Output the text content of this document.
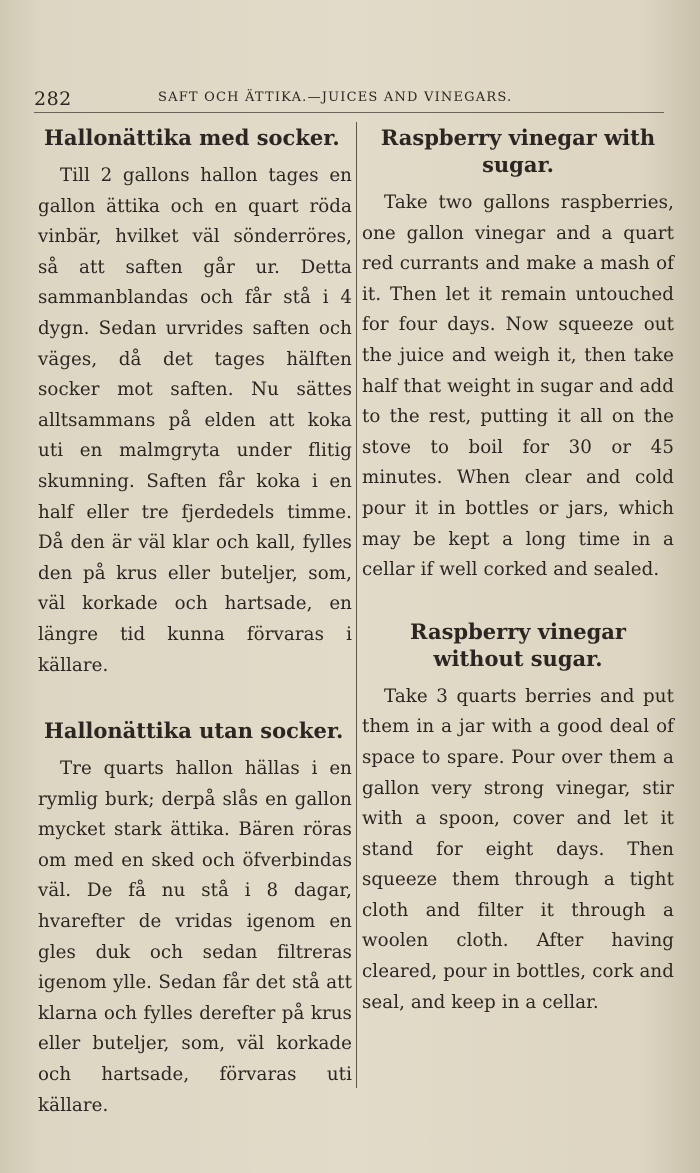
282	SAFT OCH ÄTTIKA.—JUICES AND VINEGARS.
Hallonättika med socker.

Till 2 gallons hallon tages en gallon ättika och en quart röda vinbär, hvilket väl sönderröres, så att saften går ur. Detta sammanblandas och får stå i 4 dygn. Sedan urvrides saften och väges, då det tages hälften socker mot saften. Nu sättes alltsammans på elden att koka uti en malmgryta under flitig skumning. Saften får koka i en half eller tre fjerdedels timme. Då den är väl klar och kall, fylles den på krus eller buteljer, som, väl korkade och hartsade, en längre tid kunna förvaras i källare.

Hallonättika utan socker.

Tre quarts hallon hällas i en rymlig burk; derpå slås en gallon mycket stark ättika. Bären röras om med en sked och öfverbindas väl. De få nu stå i 8 dagar, hvarefter de vridas igenom en gles duk och sedan filtreras igenom ylle. Sedan får det stå att klarna och fylles derefter på krus eller buteljer, som, väl korkade och hartsade, förvaras uti källare.

Raspberry vinegar with sugar.

Take two gallons raspberries, one gallon vinegar and a quart red currants and make a mash of it. Then let it remain untouched for four days. Now squeeze out the juice and weigh it, then take half that weight in sugar and add to the rest, putting it all on the stove to boil for 30 or 45 minutes. When clear and cold pour it in bottles or jars, which may be kept a long time in a cellar if well corked and sealed.

Raspberry vinegar without sugar.

Take 3 quarts berries and put them in a jar with a good deal of space to spare. Pour over them a gallon very strong vinegar, stir with a spoon, cover and let it stand for eight days. Then squeeze them through a tight cloth and filter it through a woolen cloth. After having cleared, pour in bottles, cork and seal, and keep in a cellar.
